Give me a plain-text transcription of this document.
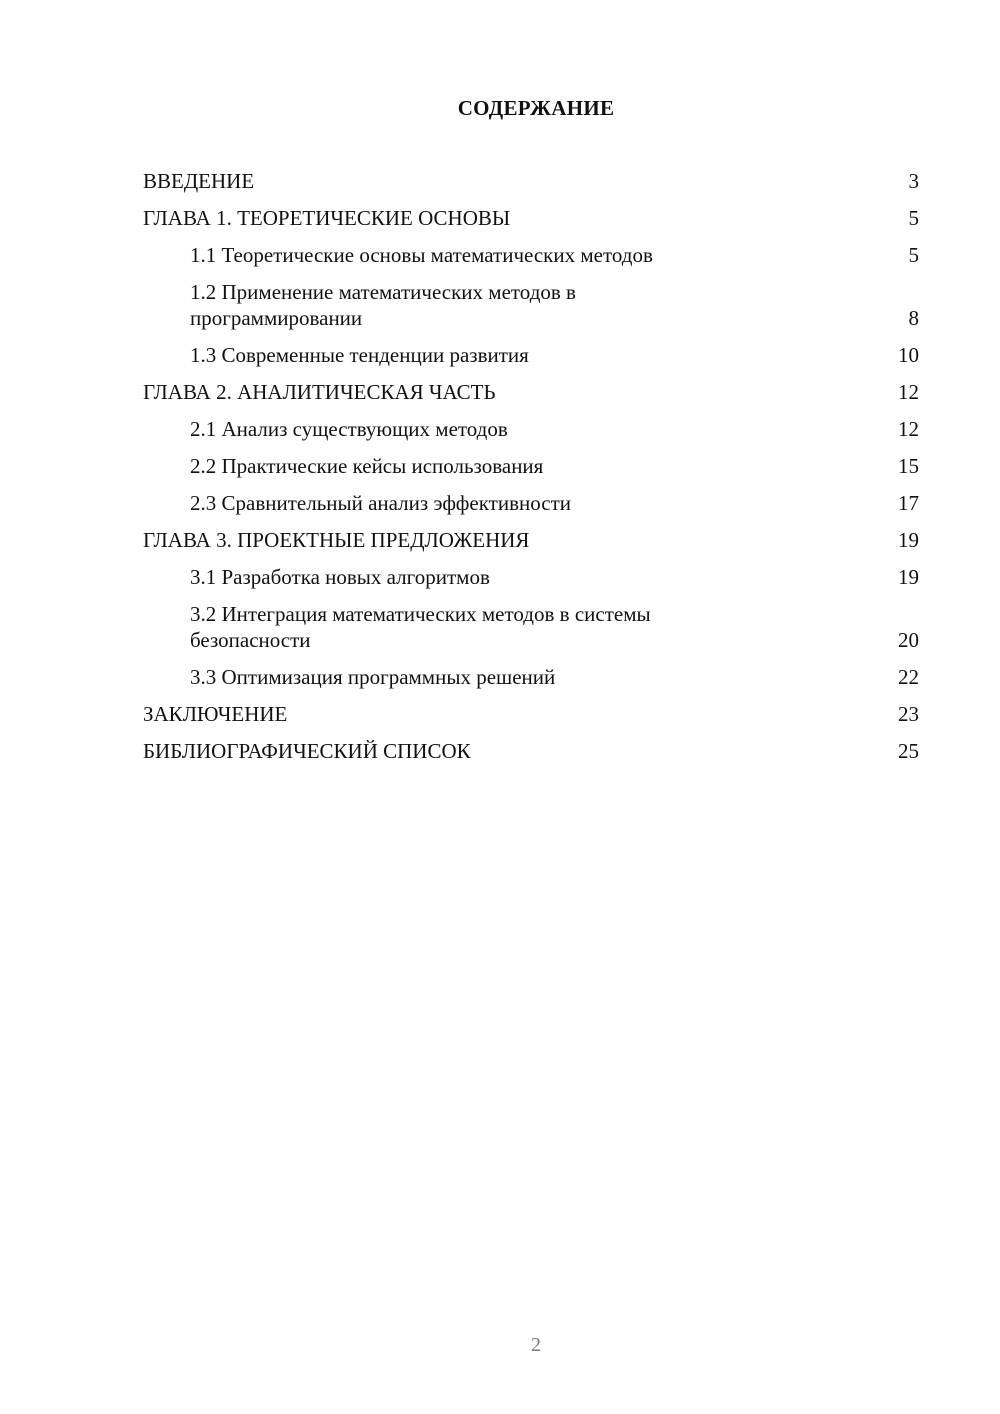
СОДЕРЖАНИЕ
ВВЕДЕНИЕ	3
ГЛАВА 1. ТЕОРЕТИЧЕСКИЕ ОСНОВЫ	5
1.1 Теоретические основы математических методов	5
1.2 Применение математических методов в программировании	8
1.3 Современные тенденции развития	10
ГЛАВА 2. АНАЛИТИЧЕСКАЯ ЧАСТЬ	12
2.1 Анализ существующих методов	12
2.2 Практические кейсы использования	15
2.3 Сравнительный анализ эффективности	17
ГЛАВА 3. ПРОЕКТНЫЕ ПРЕДЛОЖЕНИЯ	19
3.1 Разработка новых алгоритмов	19
3.2 Интеграция математических методов в системы безопасности	20
3.3 Оптимизация программных решений	22
ЗАКЛЮЧЕНИЕ	23
БИБЛИОГРАФИЧЕСКИЙ СПИСОК	25
2
